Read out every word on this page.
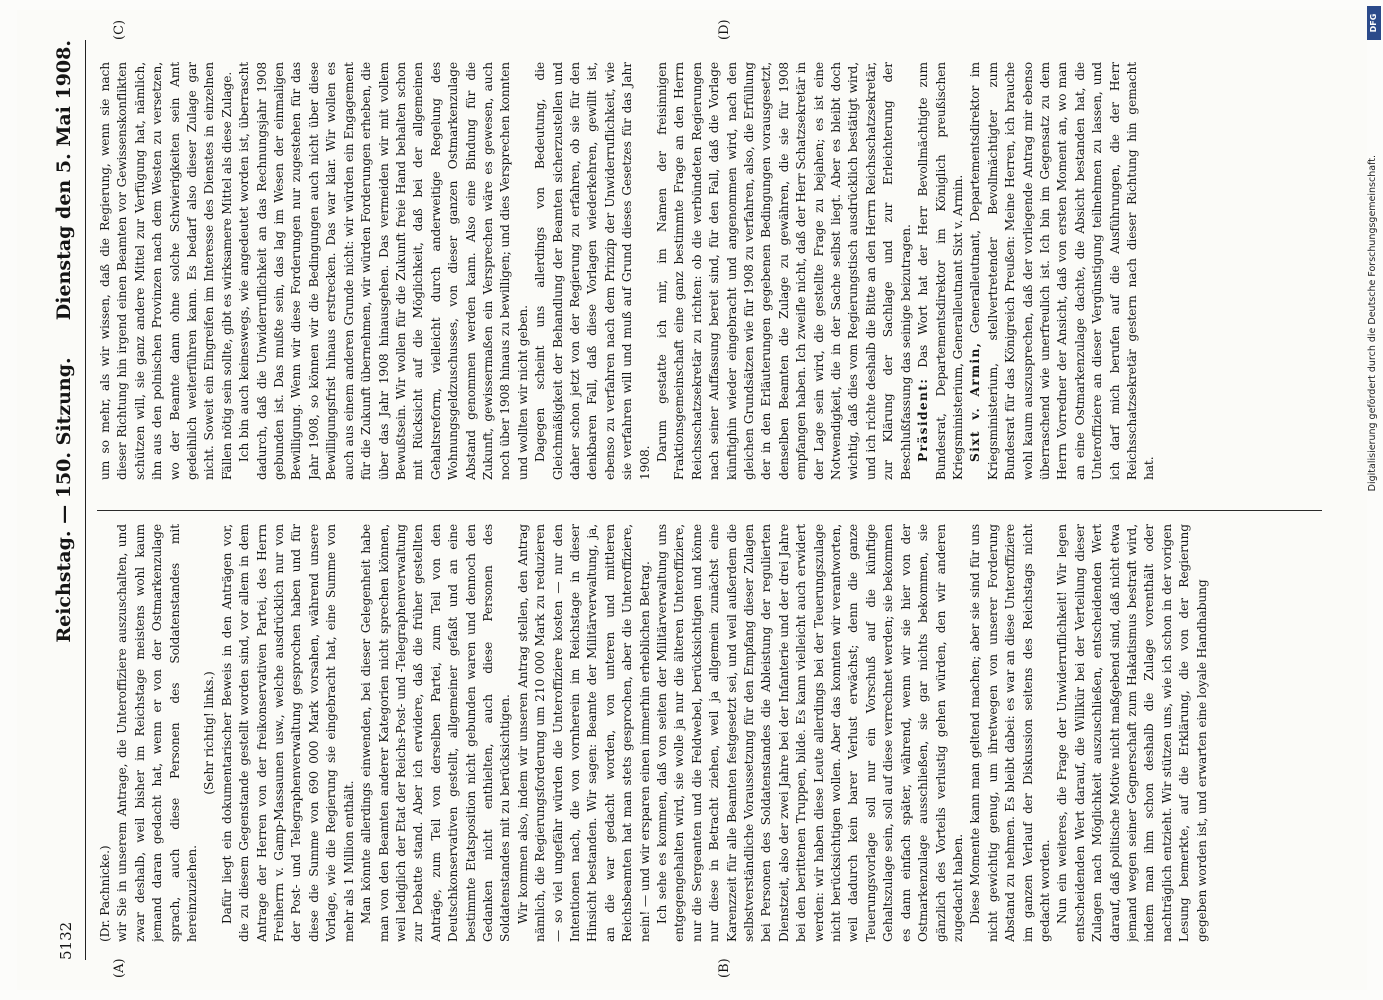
5132
Reichstag. — 150. Sitzung.
Dienstag den 5. Mai 1908.
(A)	(B)
(C)	(D)

(Dr. Pachnicke.) wir Sie in unserem Antrage, die Unteroffiziere auszuschalten, und zwar deshalb, weil bisher im Reichstage meistens wohl kaum jemand daran gedacht hat, wenn er von der Ostmarkenzulage sprach, auch diese Personen des Soldatenstandes mit hereinzuziehen.

(Sehr richtig! links.) Dafür liegt ein dokumentarischer Beweis in den Anträgen vor, die zu diesem Gegenstande gestellt worden sind, vor allem in dem Antrage der Herren von der freikonservativen Partei, des Herrn Freiherrn v. Gamp-Massaunen usw., welche ausdrücklich nur von der Post- und Telegraphenverwaltung gesprochen haben und für diese die Summe von 690 000 Mark vorsahen, während unsere Vorlage, wie die Regierung sie eingebracht hat, eine Summe von mehr als 1 Million enthält. Man könnte allerdings einwenden, bei dieser Gelegenheit habe man von den Beamten anderer Kategorien nicht sprechen können, weil lediglich der Etat der Reichs-Post- und -Telegraphenverwaltung zur Debatte stand. Aber ich erwidere, daß die früher gestellten Anträge, zum Teil von derselben Partei, zum Teil von den Deutschkonservativen gestellt, allgemeiner gefaßt und an eine bestimmte Etatsposition nicht gebunden waren und dennoch den Gedanken nicht enthielten, auch diese Personen des Soldatenstandes mit zu berücksichtigen. Wir kommen also, indem wir unseren Antrag stellen, den Antrag nämlich, die Regierungsforderung um 210 000 Mark zu reduzieren — so viel ungefähr würden die Unteroffiziere kosten — nur den Intentionen nach, die von vornherein im Reichstage in dieser Hinsicht bestanden. Wir sagen: Beamte der Militärverwaltung, ja, an die war gedacht worden, von unteren und mittleren Reichsbeamten hat man stets gesprochen, aber die Unteroffiziere, nein! — und wir ersparen einen immerhin erheblichen Betrag. Ich sehe es kommen, daß von seiten der Militärverwaltung uns entgegengehalten wird, sie wolle ja nur die älteren Unteroffiziere, nur die Sergeanten und die Feldwebel, berücksichtigen und könne nur diese in Betracht ziehen, weil ja allgemein zunächst eine Karenzzeit für alle Beamten festgesetzt sei, und weil außerdem die selbstverständliche Voraussetzung für den Empfang dieser Zulagen bei Personen des Soldatenstandes die Ableistung der regulierten Dienstzeit, also der zwei Jahre bei der Infanterie und der drei Jahre bei den berittenen Truppen, bilde. Es kann vielleicht auch erwidert werden: wir haben diese Leute allerdings bei der Teuerungszulage nicht berücksichtigen wollen. Aber das konnten wir verantworten, weil dadurch kein barer Verlust erwächst; denn die ganze Teuerungsvorlage soll nur ein Vorschuß auf die künftige Gehaltszulage sein, soll auf diese verrechnet werden; sie bekommen es dann einfach später, während, wenn wir sie hier von der Ostmarkenzulage ausschließen, sie gar nichts bekommen, sie gänzlich des Vorteils verlustig gehen würden, den wir anderen zugedacht haben. Diese Momente kann man geltend machen; aber sie sind für uns nicht gewichtig genug, um ihretwegen von unserer Forderung Abstand zu nehmen. Es bleibt dabei: es war an diese Unteroffiziere im ganzen Verlauf der Diskussion seitens des Reichstags nicht gedacht worden. Nun ein weiteres, die Frage der Unwiderruflichkeit! Wir legen entscheidenden Wert darauf, die Willkür bei der Verteilung dieser Zulagen nach Möglichkeit auszuschließen, entscheidenden Wert darauf, daß politische Motive nicht maßgebend sind, daß nicht etwa jemand wegen seiner Gegnerschaft zum Hakatismus bestraft wird, indem man ihm schon deshalb die Zulage vorenthält oder nachträglich entzieht. Wir stützen uns, wie ich schon in der vorigen Lesung bemerkte, auf die Erklärung, die von der Regierung gegeben worden ist, und erwarten eine loyale Handhabung

um so mehr, als wir wissen, daß die Regierung, wenn sie nach dieser Richtung hin irgend einen Beamten vor Gewissenskonflikten schützen will, sie ganz andere Mittel zur Verfügung hat, nämlich, ihn aus den polnischen Provinzen nach dem Westen zu versetzen, wo der Beamte dann ohne solche Schwierigkeiten sein Amt gedeihlich weiterführen kann. Es bedarf also dieser Zulage gar nicht. Soweit ein Eingreifen im Interesse des Dienstes in einzelnen Fällen nötig sein sollte, gibt es wirksamere Mittel als diese Zulage. Ich bin auch keineswegs, wie angedeutet worden ist, überrascht dadurch, daß die Unwiderruflichkeit an das Rechnungsjahr 1908 gebunden ist. Das mußte sein, das lag im Wesen der einmaligen Bewilligung. Wenn wir diese Forderungen nur zugestehen für das Jahr 1908, so können wir die Bedingungen auch nicht über diese Bewilligungsfrist hinaus erstrecken. Das war klar. Wir wollen es auch aus einem anderen Grunde nicht: wir würden ein Engagement für die Zukunft übernehmen, wir würden Forderungen erheben, die über das Jahr 1908 hinausgehen. Das vermeiden wir mit vollem Bewußtsein. Wir wollen für die Zukunft freie Hand behalten schon mit Rücksicht auf die Möglichkeit, daß bei der allgemeinen Gehaltsreform, vielleicht durch anderweitige Regelung des Wohnungsgeldzuschusses, von dieser ganzen Ostmarkenzulage Abstand genommen werden kann. Also eine Bindung für die Zukunft, gewissermaßen ein Versprechen wäre es gewesen, auch noch über 1908 hinaus zu bewilligen; und dies Versprechen konnten und wollten wir nicht geben. Dagegen scheint uns allerdings von Bedeutung, die Gleichmäßigkeit der Behandlung der Beamten sicherzustellen und daher schon jetzt von der Regierung zu erfahren, ob sie für den denkbaren Fall, daß diese Vorlagen wiederkehren, gewillt ist, ebenso zu verfahren nach dem Prinzip der Unwiderruflichkeit, wie sie verfahren will und muß auf Grund dieses Gesetzes für das Jahr 1908.

Darum gestatte ich mir, im Namen der freisinnigen Fraktionsgemeinschaft eine ganz bestimmte Frage an den Herrn Reichsschatzsekretär zu richten: ob die verbündeten Regierungen nach seiner Auffassung bereit sind, für den Fall, daß die Vorlage künftighin wieder eingebracht und angenommen wird, nach den gleichen Grundsätzen wie für 1908 zu verfahren, also, die Erfüllung der in den Erläuterungen gegebenen Bedingungen vorausgesetzt, denselben Beamten die Zulage zu gewähren, die sie für 1908 empfangen haben. Ich zweifle nicht, daß der Herr Schatzsekretär in der Lage sein wird, die gestellte Frage zu bejahen; es ist eine Notwendigkeit, die in der Sache selbst liegt. Aber es bleibt doch wichtig, daß dies vom Regierungstisch ausdrücklich bestätigt wird, und ich richte deshalb die Bitte an den Herrn Reichsschatzsekretär, zur Klärung der Sachlage und zur Erleichterung der Beschlußfassung das seinige beizutragen. Präsident: Das Wort hat der Herr Bevollmächtigte zum Bundesrat, Departementsdirektor im Königlich preußischen Kriegsministerium, Generalleutnant Sixt v. Armin. Sixt v. Armin, Generalleutnant, Departementsdirektor im Kriegsministerium, stellvertretender Bevollmächtigter zum Bundesrat für das Königreich Preußen: Meine Herren, ich brauche wohl kaum auszusprechen, daß der vorliegende Antrag mir ebenso überraschend wie unerfreulich ist. Ich bin im Gegensatz zu dem Herrn Vorredner der Ansicht, daß von ersten Moment an, wo man an eine Ostmarkenzulage dachte, die Absicht bestanden hat, die Unteroffiziere an dieser Vergünstigung teilnehmen zu lassen, und ich darf mich berufen auf die Ausführungen, die der Herr Reichsschatzsekretär gestern nach dieser Richtung hin gemacht hat.	Digitalisierung gefördert durch die Deutsche Forschungsgemeinschaft.
DFG
